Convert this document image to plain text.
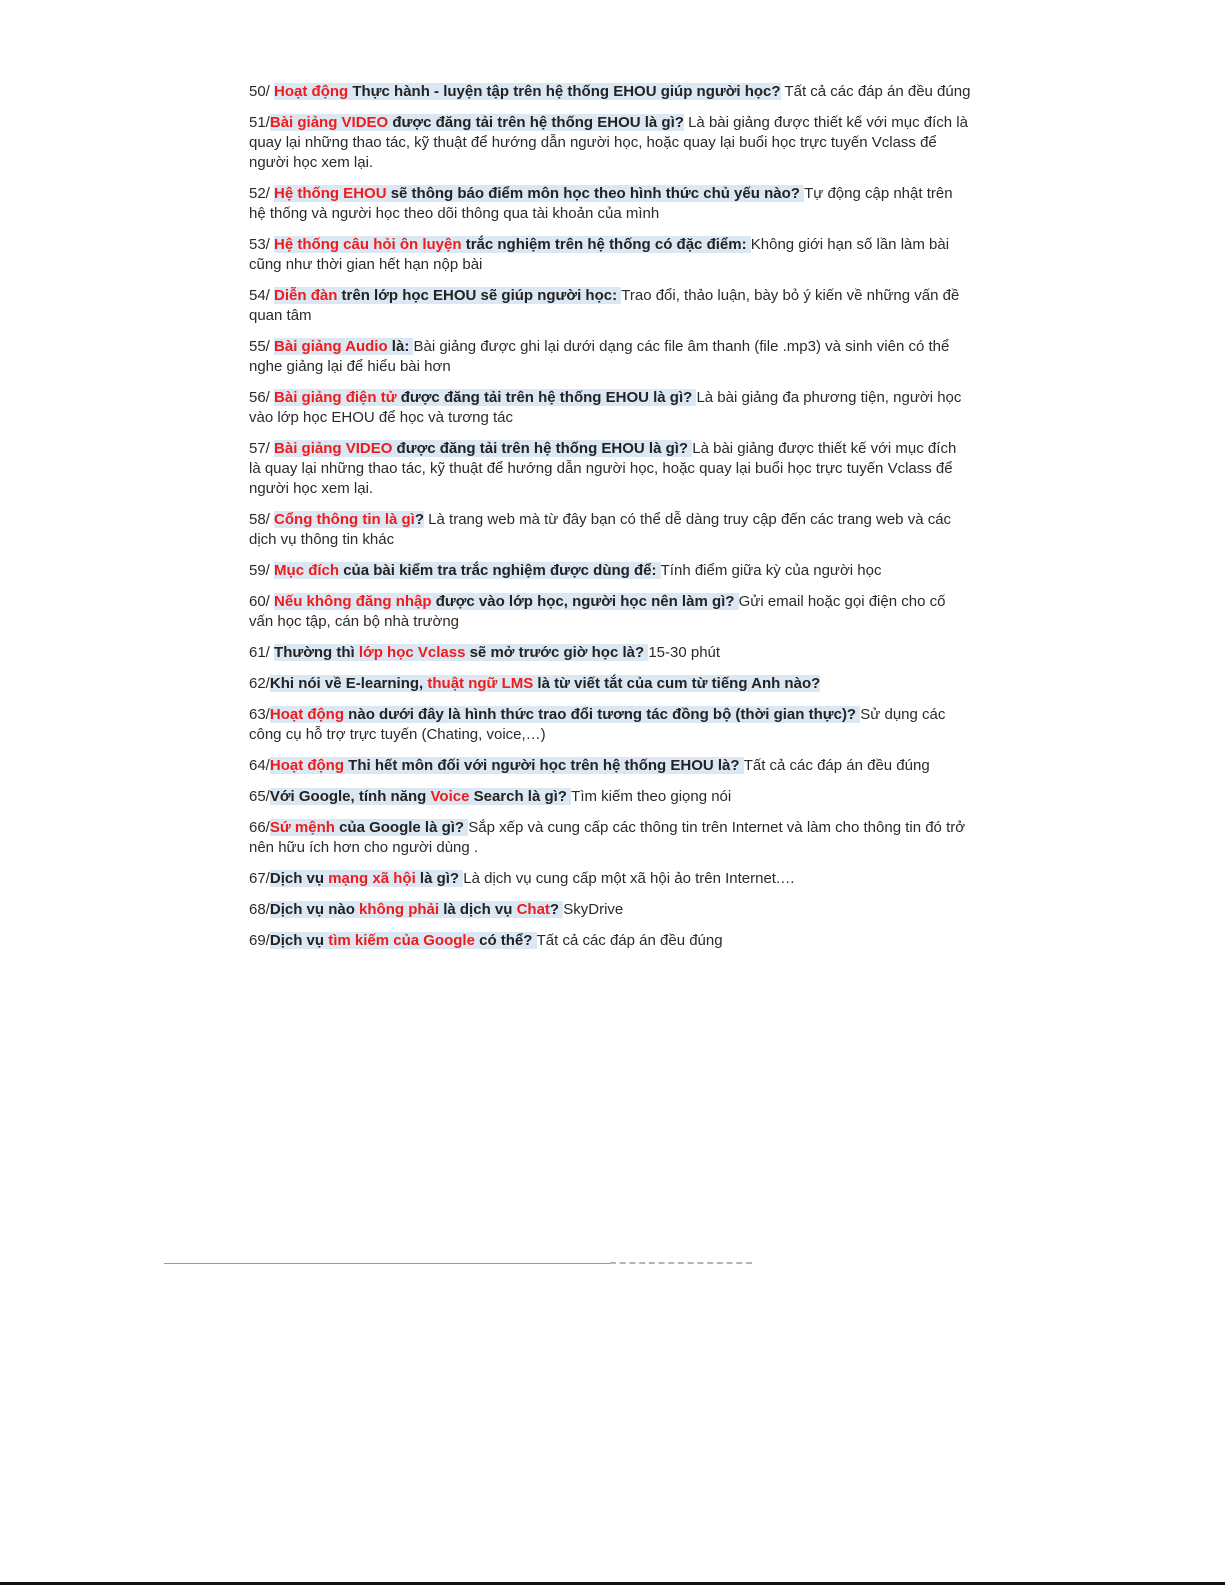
50/ Hoạt động Thực hành - luyện tập trên hệ thống EHOU giúp người học? Tất cả các đáp án đều đúng

51/Bài giảng VIDEO được đăng tải trên hệ thống EHOU là gì? Là bài giảng được thiết kế với mục đích là quay lại những thao tác, kỹ thuật để hướng dẫn người học, hoặc quay lại buổi học trực tuyến Vclass để người học xem lại.

52/ Hệ thống EHOU sẽ thông báo điểm môn học theo hình thức chủ yếu nào? Tự động cập nhật trên hệ thống và người học theo dõi thông qua tài khoản của mình

53/ Hệ thống câu hỏi ôn luyện trắc nghiệm trên hệ thống có đặc điểm: Không giới hạn số lần làm bài cũng như thời gian hết hạn nộp bài

54/ Diễn đàn trên lớp học EHOU sẽ giúp người học: Trao đổi, thảo luận, bày bỏ ý kiến về những vấn đề quan tâm

55/ Bài giảng Audio là: Bài giảng được ghi lại dưới dạng các file âm thanh (file .mp3) và sinh viên có thể nghe giảng lại để hiểu bài hơn

56/ Bài giảng điện tử được đăng tải trên hệ thống EHOU là gì? Là bài giảng đa phương tiện, người học vào lớp học EHOU để học và tương tác

57/ Bài giảng VIDEO được đăng tải trên hệ thống EHOU là gì? Là bài giảng được thiết kế với mục đích là quay lại những thao tác, kỹ thuật để hướng dẫn người học, hoặc quay lại buổi học trực tuyến Vclass để người học xem lại.

58/ Cổng thông tin là gì? Là trang web mà từ đây bạn có thể dễ dàng truy cập đến các trang web và các dịch vụ thông tin khác

59/ Mục đích của bài kiểm tra trắc nghiệm được dùng để: Tính điểm giữa kỳ của người học

60/ Nếu không đăng nhập được vào lớp học, người học nên làm gì? Gửi email hoặc gọi điện cho cố vấn học tập, cán bộ nhà trường

61/ Thường thì lớp học Vclass sẽ mở trước giờ học là? 15-30 phút

62/Khi nói về E-learning, thuật ngữ LMS là từ viết tắt của cum từ tiếng Anh nào?

63/Hoạt động nào dưới đây là hình thức trao đổi tương tác đồng bộ (thời gian thực)? Sử dụng các công cụ hỗ trợ trực tuyến (Chating, voice,…)

64/Hoạt động Thi hết môn đối với người học trên hệ thống EHOU là? Tất cả các đáp án đều đúng

65/Với Google, tính năng Voice Search là gì? Tìm kiếm theo giọng nói

66/Sứ mệnh của Google là gì? Sắp xếp và cung cấp các thông tin trên Internet và làm cho thông tin đó trở nên hữu ích hơn cho người dùng .

67/Dịch vụ mạng xã hội là gì? Là dịch vụ cung cấp một xã hội ảo trên Internet.…

68/Dịch vụ nào không phải là dịch vụ Chat? SkyDrive

69/Dịch vụ tìm kiếm của Google có thể? Tất cả các đáp án đều đúng
